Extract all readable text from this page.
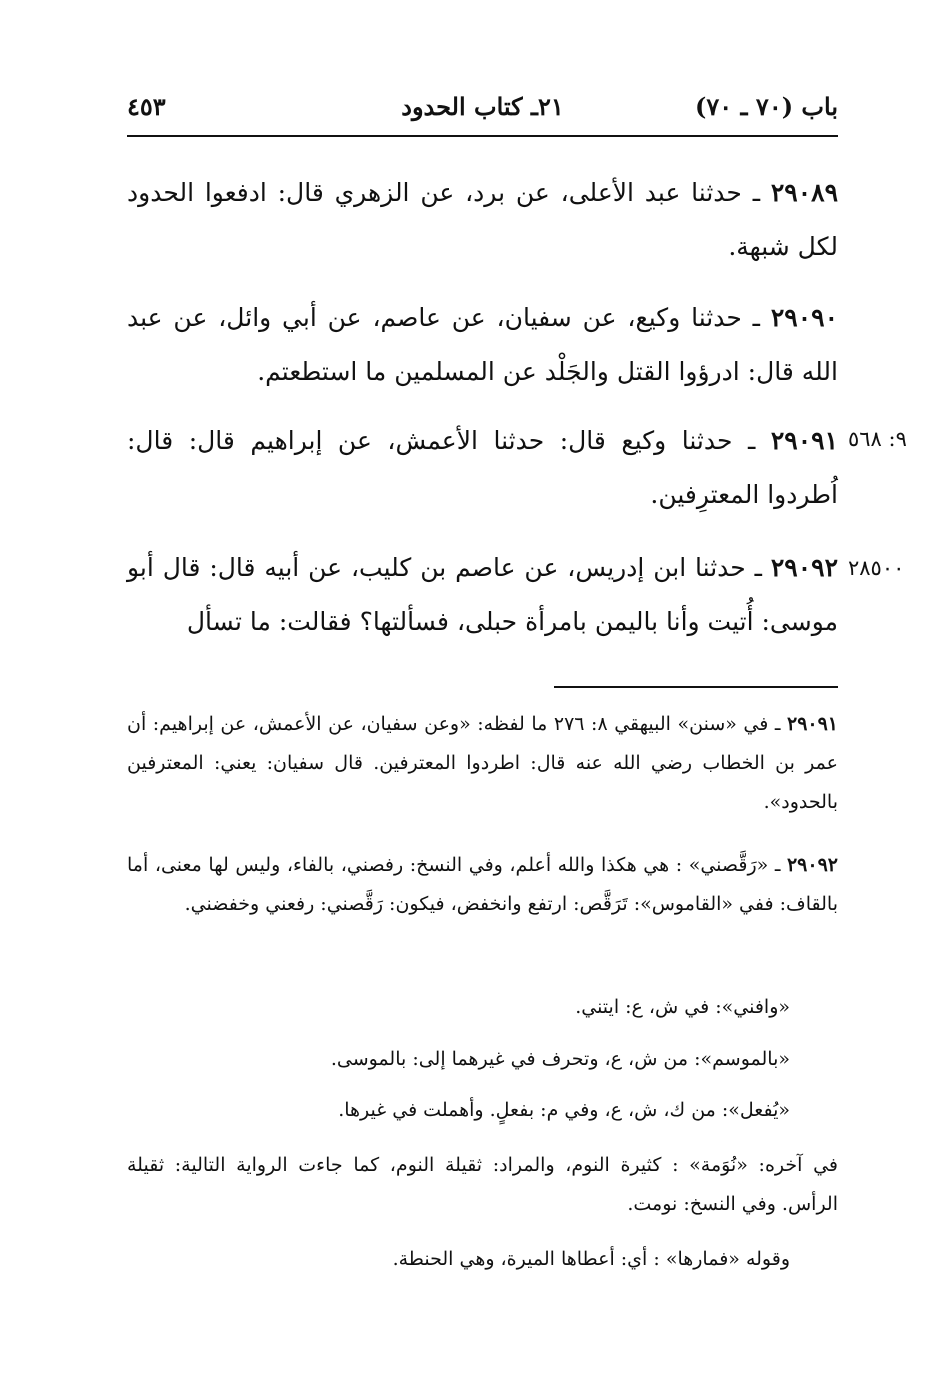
باب (٧٠ ـ ٧٠)
٢١ـ كتاب الحدود
٤٥٣
٢٩٠٨٩ ـ حدثنا عبد الأعلى، عن برد، عن الزهري قال: ادفعوا الحدود لكل شبهة.
٢٩٠٩٠ ـ حدثنا وكيع، عن سفيان، عن عاصم، عن أبي وائل، عن عبد الله قال: ادرؤوا القتل والجَلْد عن المسلمين ما استطعتم.
٢٩٠٩١ ـ حدثنا وكيع قال: حدثنا الأعمش، عن إبراهيم قال: قال: اُطردوا المعترِفين.
٩: ٥٦٨
٢٩٠٩٢ ـ حدثنا ابن إدريس، عن عاصم بن كليب، عن أبيه قال: قال أبو موسى: أُتيت وأنا باليمن بامرأة حبلى، فسألتها؟ فقالت: ما تسأل
٢٨٥٠٠
٢٩٠٩١ ـ في «سنن» البيهقي ٨: ٢٧٦ ما لفظه: «وعن سفيان، عن الأعمش، عن إبراهيم: أن عمر بن الخطاب رضي الله عنه قال: اطردوا المعترفين. قال سفيان: يعني: المعترفين بالحدود».
٢٩٠٩٢ ـ «رَقَّصني» : هي هكذا والله أعلم، وفي النسخ: رفصني، بالفاء، وليس لها معنى، أما بالقاف: ففي «القاموس»: تَرَقَّص: ارتفع وانخفض، فيكون: رَقَّصني: رفعني وخفضني.
«وافني»: في ش، ع: ايتني.
«بالموسم»: من ش، ع، وتحرف في غيرهما إلى: بالموسى.
«يُفعل»: من ك، ش، ع، وفي م: بفعلٍ. وأهملت في غيرها.
في آخره: «نُوَمة» : كثيرة النوم، والمراد: ثقيلة النوم، كما جاءت الرواية التالية: ثقيلة الرأس. وفي النسخ: نومت.
وقوله «فمارها» : أي: أعطاها الميرة، وهي الحنطة.
